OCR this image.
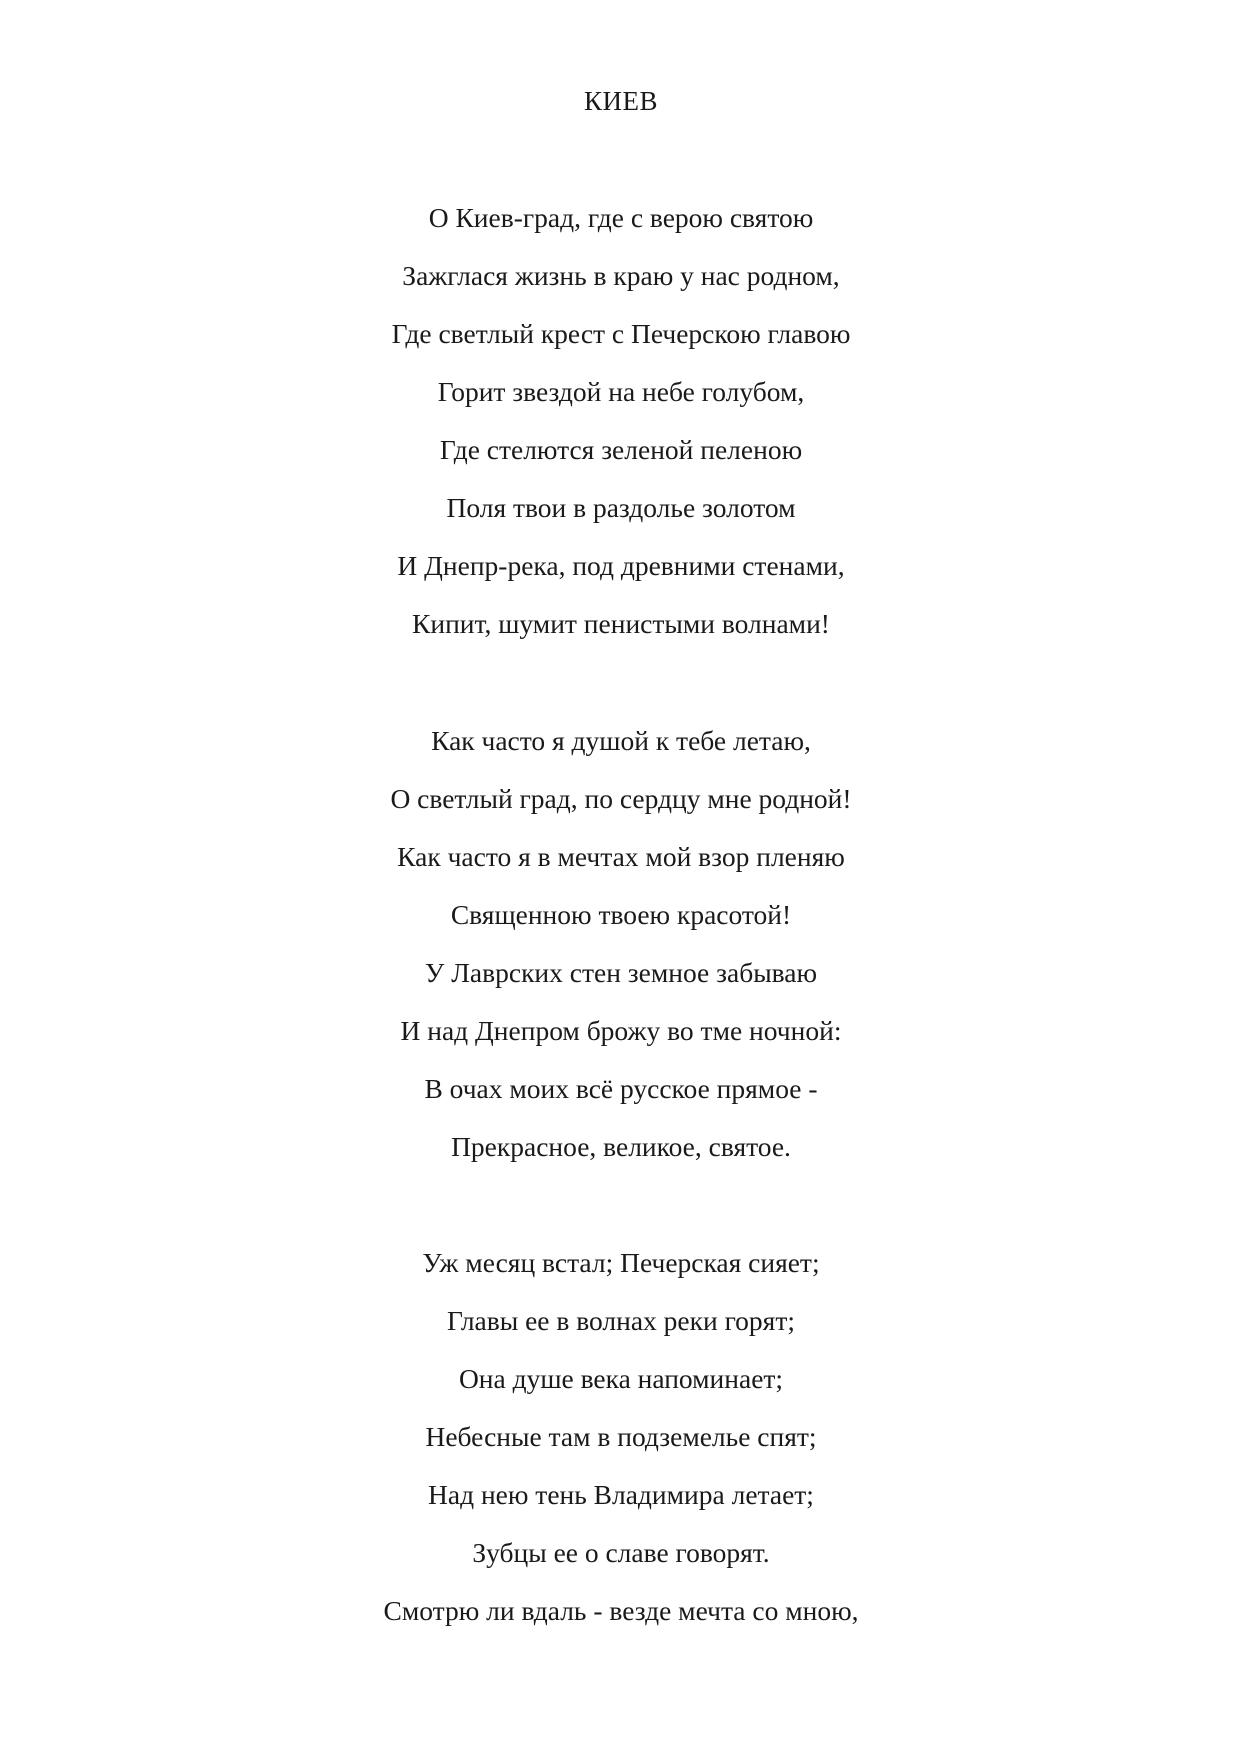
КИЕВ
О Киев-град, где с верою святою
Зажглася жизнь в краю у нас родном,
Где светлый крест с Печерскою главою
Горит звездой на небе голубом,
Где стелются зеленой пеленою
Поля твои в раздолье золотом
И Днепр-река, под древними стенами,
Кипит, шумит пенистыми волнами!
Как часто я душой к тебе летаю,
О светлый град, по сердцу мне родной!
Как часто я в мечтах мой взор пленяю
Священною твоею красотой!
У Лаврских стен земное забываю
И над Днепром брожу во тме ночной:
В очах моих всё русское прямое -
Прекрасное, великое, святое.
Уж месяц встал; Печерская сияет;
Главы ее в волнах реки горят;
Она душе века напоминает;
Небесные там в подземелье спят;
Над нею тень Владимира летает;
Зубцы ее о славе говорят.
Смотрю ли вдаль - везде мечта со мною,
